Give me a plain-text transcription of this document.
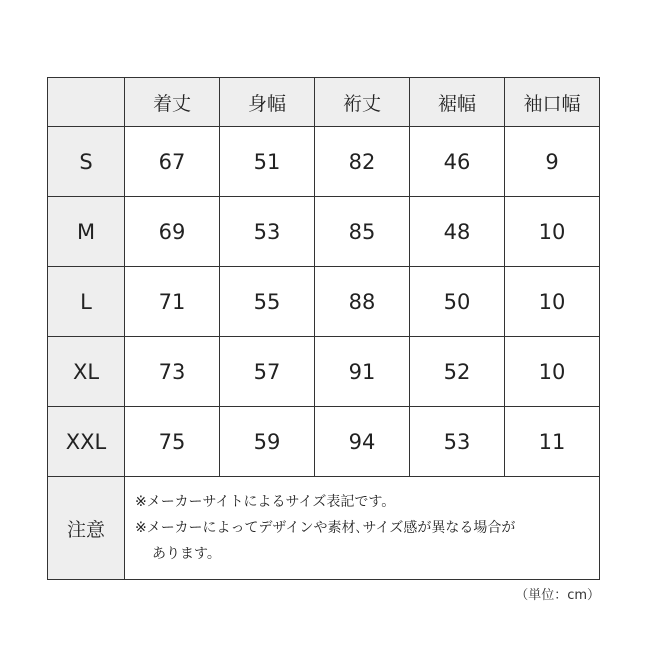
	着丈	身幅	裄丈	裾幅	袖口幅
S	67	51	82	46	9
M	69	53	85	48	10
L	71	55	88	50	10
XL	73	57	91	52	10
XXL	75	59	94	53	11
注意	※メーカーサイトによるサイズ表記です。
※メーカーによってデザインや素材､サイズ感が異なる場合が
あります。				
（単位：cm）
